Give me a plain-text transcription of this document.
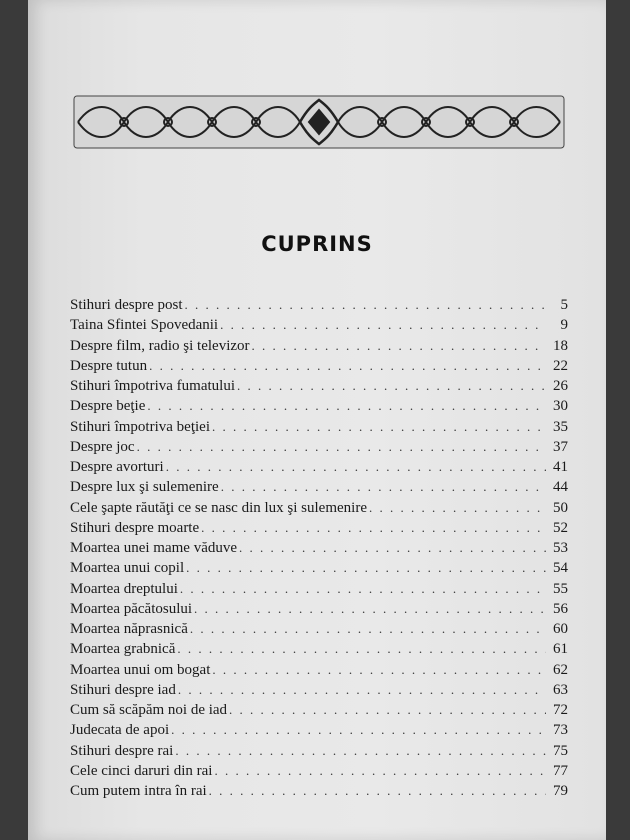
CUPRINS
Stihuri despre post . . .	5
Taina Sfintei Spovedanii . . .	9
Despre film, radio şi televizor . . .	18
Despre tutun . . .	22
Stihuri împotriva fumatului . . .	26
Despre beţie . . .	30
Stihuri împotriva beţiei . . .	35
Despre joc . . .	37
Despre avorturi . . .	41
Despre lux şi sulemenire . . .	44
Cele şapte răutăţi ce se nasc din lux şi sulemenire . . .	50
Stihuri despre moarte . . .	52
Moartea unei mame văduve . . .	53
Moartea unui copil . . .	54
Moartea dreptului . . .	55
Moartea păcătosului . . .	56
Moartea năprasnică . . .	60
Moartea grabnică . . .	61
Moartea unui om bogat . . .	62
Stihuri despre iad . . .	63
Cum să scăpăm noi de iad . . .	72
Judecata de apoi . . .	73
Stihuri despre rai . . .	75
Cele cinci daruri din rai . . .	77
Cum putem intra în rai . . .	79
